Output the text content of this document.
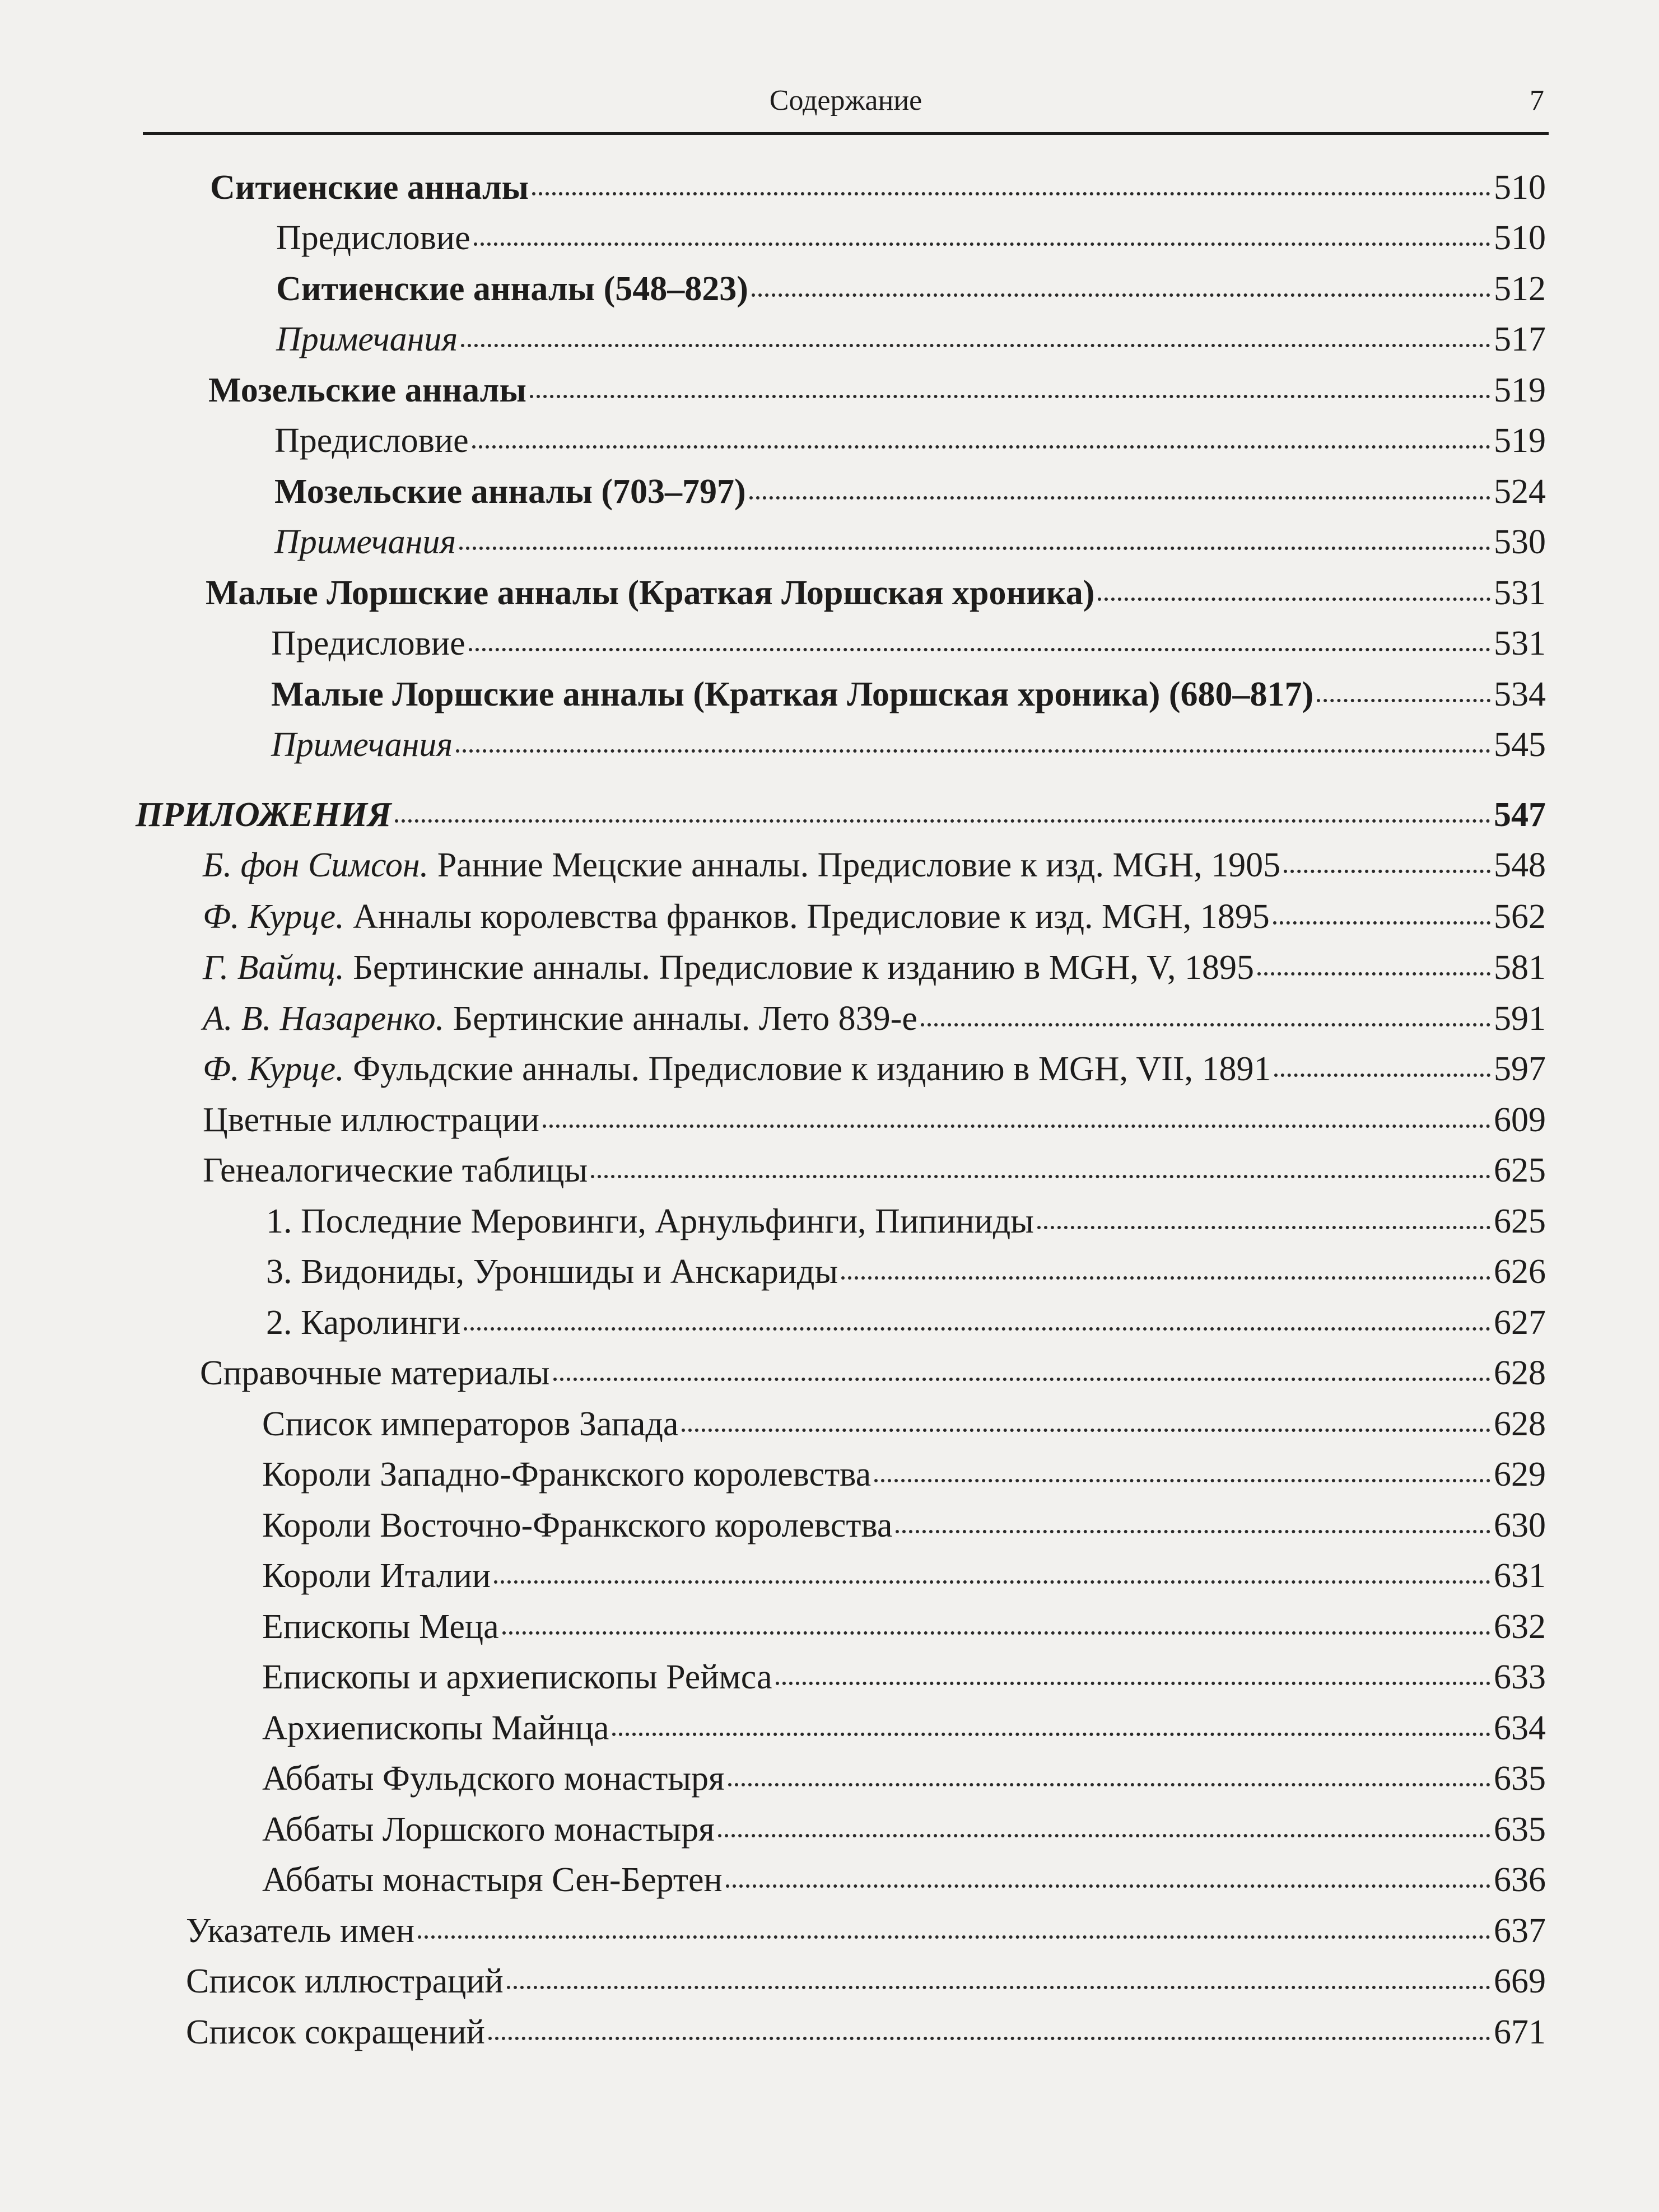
Содержание	7
Ситиенские анналы	510
Предисловие	510
Ситиенские анналы (548–823)	512
Примечания	517
Мозельские анналы	519
Предисловие	519
Мозельские анналы (703–797)	524
Примечания	530
Малые Лоршские анналы (Краткая Лоршская хроника)	531
Предисловие	531
Малые Лоршские анналы (Краткая Лоршская хроника) (680–817)	534
Примечания	545
ПРИЛОЖЕНИЯ	547
Б. фон Симсон. Ранние Мецские анналы. Предисловие к изд. MGH, 1905	548
Ф. Курце. Анналы королевства франков. Предисловие к изд. MGH, 1895	562
Г. Вайтц. Бертинские анналы. Предисловие к изданию в MGH, V, 1895	581
А. В. Назаренко. Бертинские анналы. Лето 839-е	591
Ф. Курце. Фульдские анналы. Предисловие к изданию в MGH, VII, 1891	597
Цветные иллюстрации	609
Генеалогические таблицы	625
1. Последние Меровинги, Арнульфинги, Пипиниды	625
3. Видониды, Уроншиды и Анскариды	626
2. Каролинги	627
Справочные материалы	628
Список императоров Запада	628
Короли Западно-Франкского королевства	629
Короли Восточно-Франкского королевства	630
Короли Италии	631
Епископы Меца	632
Епископы и архиепископы Реймса	633
Архиепископы Майнца	634
Аббаты Фульдского монастыря	635
Аббаты Лоршского монастыря	635
Аббаты монастыря Сен-Бертен	636
Указатель имен	637
Список иллюстраций	669
Список сокращений	671
